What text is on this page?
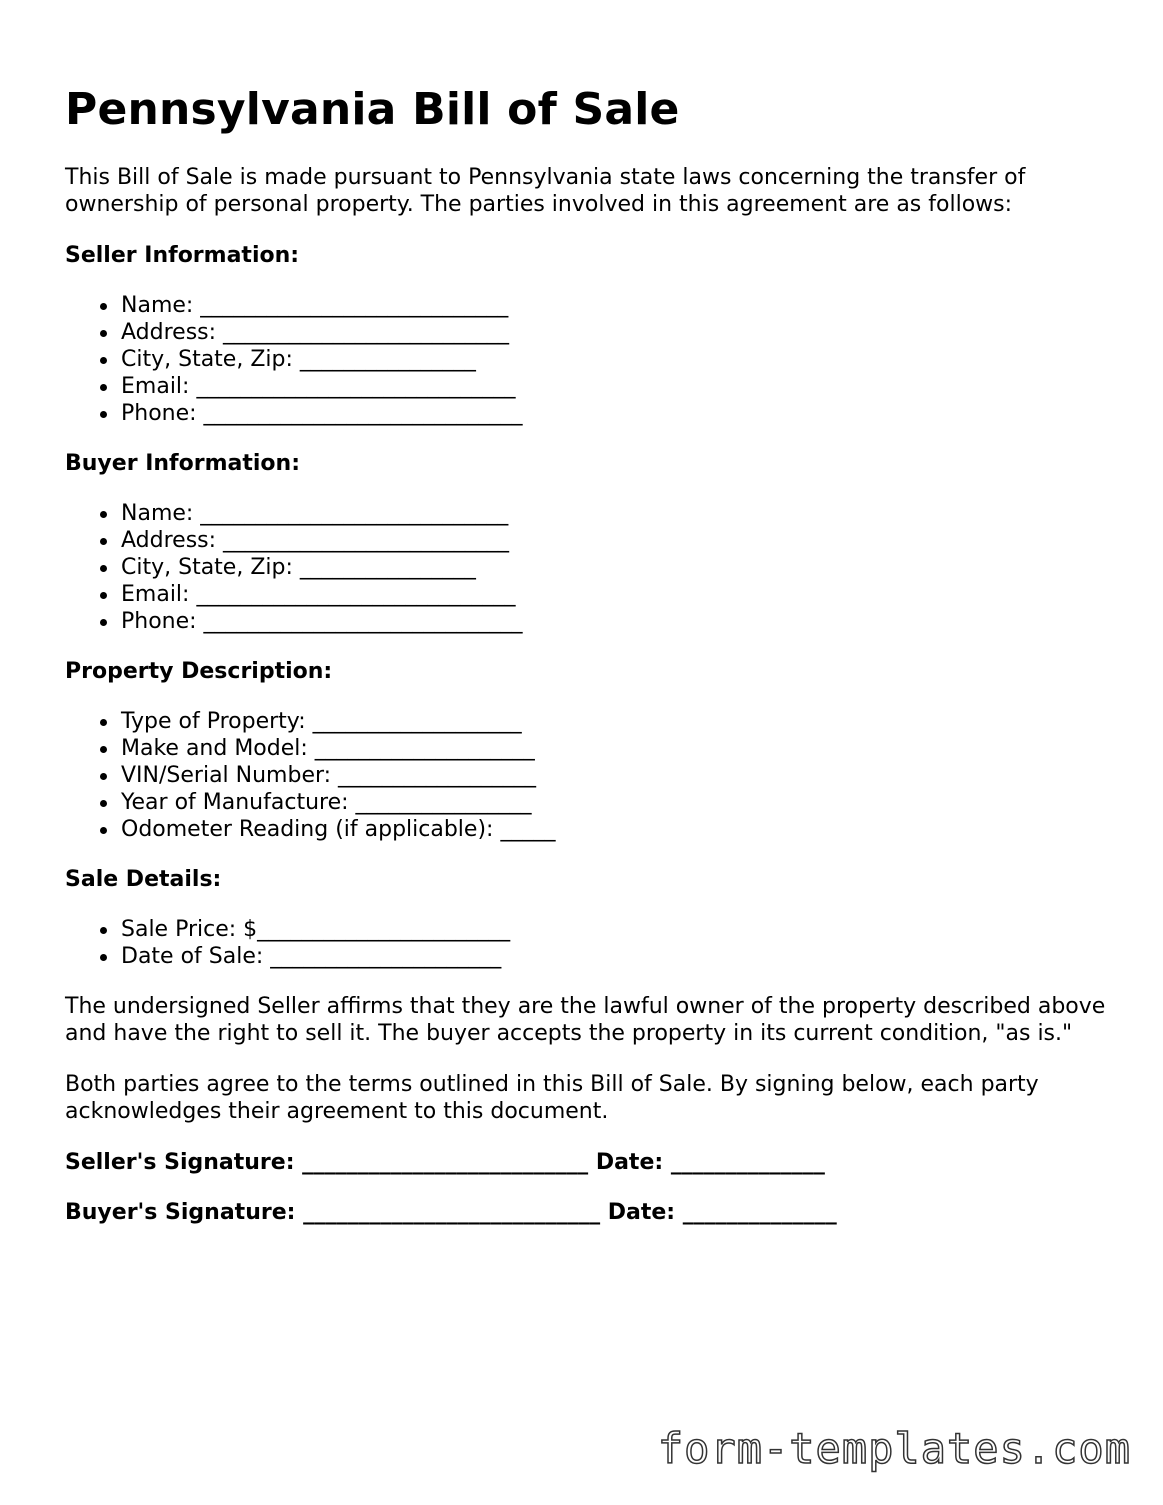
Pennsylvania Bill of Sale

This Bill of Sale is made pursuant to Pennsylvania state laws concerning the transfer of ownership of personal property. The parties involved in this agreement are as follows:

Seller Information:
Name: ____________________________
Address: __________________________
City, State, Zip: ________________
Email: _____________________________
Phone: _____________________________
Buyer Information:
Name: ____________________________
Address: __________________________
City, State, Zip: ________________
Email: _____________________________
Phone: _____________________________
Property Description:
Type of Property: ___________________
Make and Model: ____________________
VIN/Serial Number: __________________
Year of Manufacture: ________________
Odometer Reading (if applicable): _____
Sale Details:
Sale Price: $_______________________
Date of Sale: _____________________

The undersigned Seller affirms that they are the lawful owner of the property described above and have the right to sell it. The buyer accepts the property in its current condition, "as is."

Both parties agree to the terms outlined in this Bill of Sale. By signing below, each party acknowledges their agreement to this document.

Seller's Signature: __________________________ Date: ______________
Buyer's Signature: ___________________________ Date: ______________
form-templates.com
